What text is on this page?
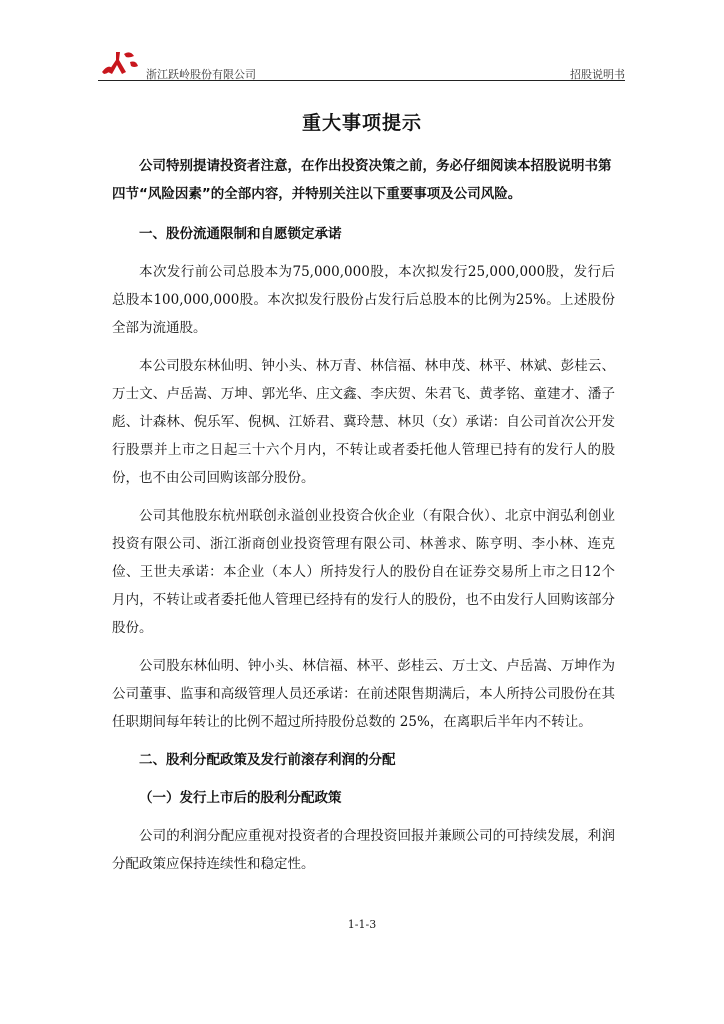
浙江跃岭股份有限公司	招股说明书
重大事项提示

公司特别提请投资者注意，在作出投资决策之前，务必仔细阅读本招股说明书第四节“风险因素”的全部内容，并特别关注以下重要事项及公司风险。

一、股份流通限制和自愿锁定承诺

本次发行前公司总股本为75,000,000股，本次拟发行25,000,000股，发行后总股本100,000,000股。本次拟发行股份占发行后总股本的比例为25%。上述股份全部为流通股。

本公司股东林仙明、钟小头、林万青、林信福、林申茂、林平、林斌、彭桂云、万士文、卢岳嵩、万坤、郭光华、庄文鑫、李庆贺、朱君飞、黄孝铭、童建才、潘子彪、计森林、倪乐军、倪枫、江娇君、冀玲慧、林贝（女）承诺：自公司首次公开发行股票并上市之日起三十六个月内，不转让或者委托他人管理已持有的发行人的股份，也不由公司回购该部分股份。

公司其他股东杭州联创永溢创业投资合伙企业（有限合伙）、北京中润弘利创业投资有限公司、浙江浙商创业投资管理有限公司、林善求、陈亨明、李小林、连克俭、王世夫承诺：本企业（本人）所持发行人的股份自在证券交易所上市之日12个月内，不转让或者委托他人管理已经持有的发行人的股份，也不由发行人回购该部分股份。

公司股东林仙明、钟小头、林信福、林平、彭桂云、万士文、卢岳嵩、万坤作为公司董事、监事和高级管理人员还承诺：在前述限售期满后，本人所持公司股份在其任职期间每年转让的比例不超过所持股份总数的 25%，在离职后半年内不转让。

二、股利分配政策及发行前滚存利润的分配

（一）发行上市后的股利分配政策

公司的利润分配应重视对投资者的合理投资回报并兼顾公司的可持续发展，利润分配政策应保持连续性和稳定性。

1-1-3
